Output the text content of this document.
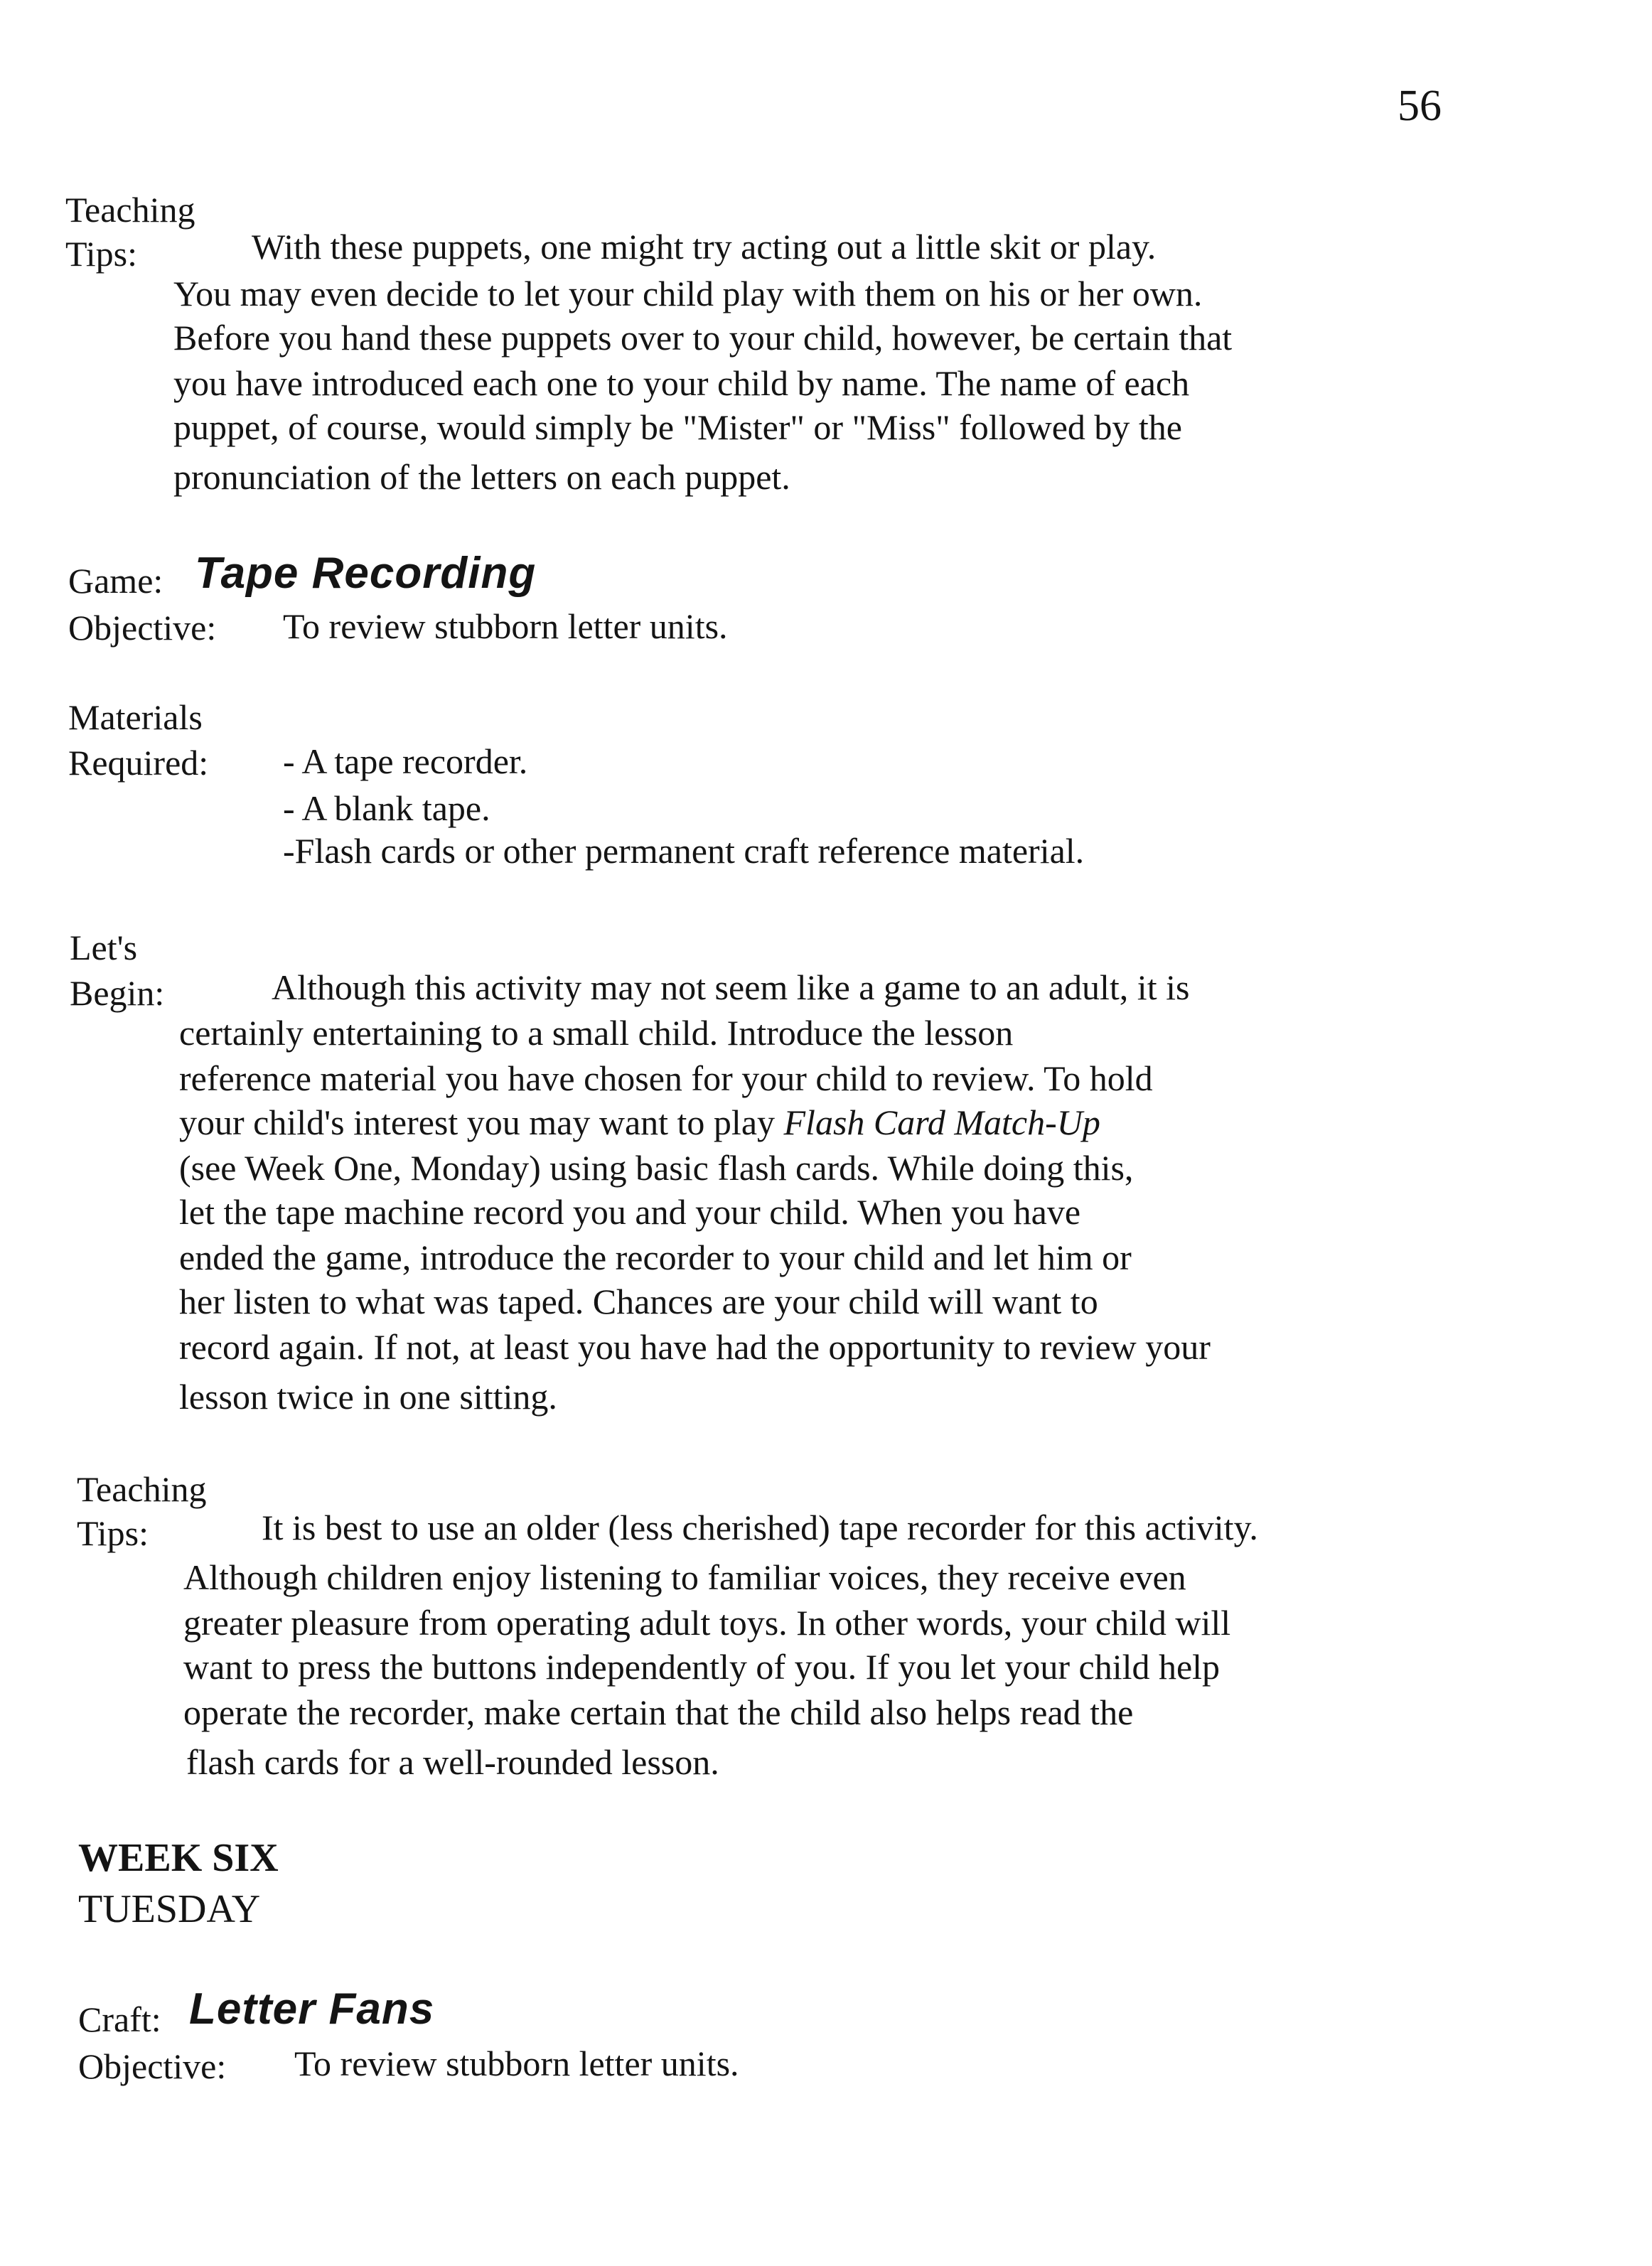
56
Teaching
Tips:	With these puppets, one might try acting out a little skit or play.
You may even decide to let your child play with them on his or her own.
Before you hand these puppets over to your child, however, be certain that
you have introduced each one to your child by name. The name of each
puppet, of course, would simply be "Mister" or "Miss" followed by the
pronunciation of the letters on each puppet.
Game: Tape Recording
Objective: To review stubborn letter units.
Materials
Required: - A tape recorder.
- A blank tape.
-Flash cards or other permanent craft reference material.
Let's
Begin:	Although this activity may not seem like a game to an adult, it is
certainly entertaining to a small child. Introduce the lesson
reference material you have chosen for your child to review. To hold
your child's interest you may want to play Flash Card Match-Up
(see Week One, Monday) using basic flash cards. While doing this,
let the tape machine record you and your child. When you have
ended the game, introduce the recorder to your child and let him or
her listen to what was taped. Chances are your child will want to
record again. If not, at least you have had the opportunity to review your
lesson twice in one sitting.
Teaching
Tips:	It is best to use an older (less cherished) tape recorder for this activity.
Although children enjoy listening to familiar voices, they receive even
greater pleasure from operating adult toys. In other words, your child will
want to press the buttons independently of you. If you let your child help
operate the recorder, make certain that the child also helps read the
flash cards for a well-rounded lesson.
WEEK SIX
TUESDAY
Craft: Letter Fans
Objective: To review stubborn letter units.
